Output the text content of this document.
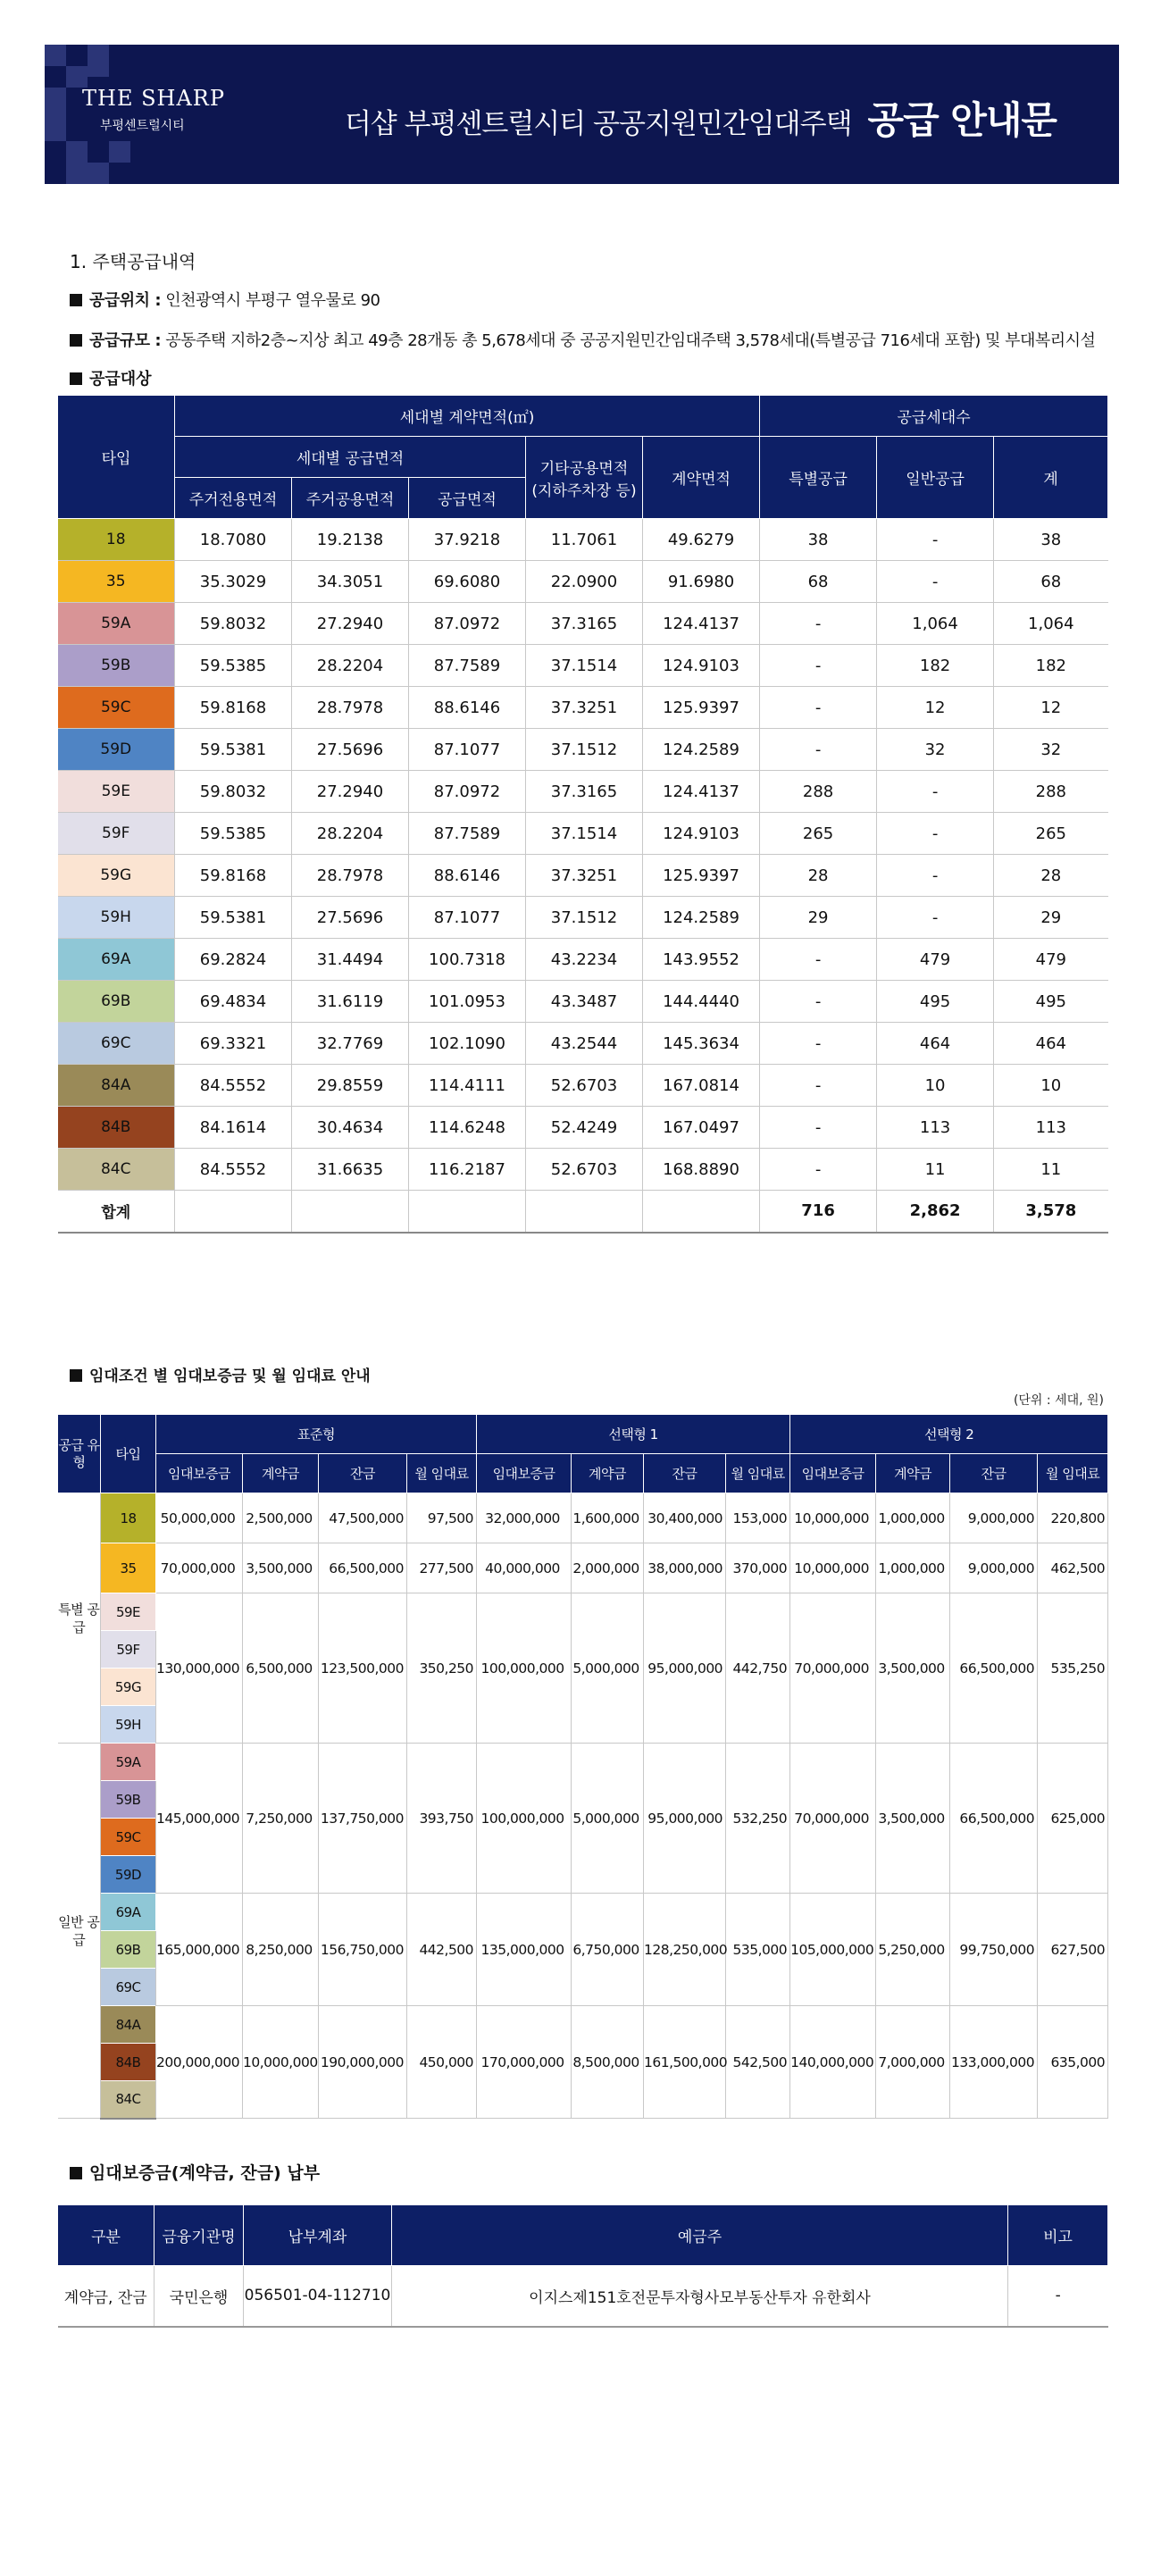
THE SHARP
부평센트럴시티	더샵 부평센트럴시티 공공지원민간임대주택 공급 안내문
1. 주택공급내역
공급위치 : 인천광역시 부평구 열우물로 90
공급규모 : 공동주택 지하2층~지상 최고 49층 28개동 총 5,678세대 중 공공지원민간임대주택 3,578세대(특별공급 716세대 포함) 및 부대복리시설
공급대상
타입	세대별 계약면적(㎡)					공급세대수		
	세대별 공급면적			기타공용면적
(지하주차장 등)	계약면적	특별공급	일반공급	계
	주거전용면적	주거공용면적	공급면적					
18	18.7080	19.2138	37.9218	11.7061	49.6279	38	-	38
35	35.3029	34.3051	69.6080	22.0900	91.6980	68	-	68
59A	59.8032	27.2940	87.0972	37.3165	124.4137	-	1,064	1,064
59B	59.5385	28.2204	87.7589	37.1514	124.9103	-	182	182
59C	59.8168	28.7978	88.6146	37.3251	125.9397	-	12	12
59D	59.5381	27.5696	87.1077	37.1512	124.2589	-	32	32
59E	59.8032	27.2940	87.0972	37.3165	124.4137	288	-	288
59F	59.5385	28.2204	87.7589	37.1514	124.9103	265	-	265
59G	59.8168	28.7978	88.6146	37.3251	125.9397	28	-	28
59H	59.5381	27.5696	87.1077	37.1512	124.2589	29	-	29
69A	69.2824	31.4494	100.7318	43.2234	143.9552	-	479	479
69B	69.4834	31.6119	101.0953	43.3487	144.4440	-	495	495
69C	69.3321	32.7769	102.1090	43.2544	145.3634	-	464	464
84A	84.5552	29.8559	114.4111	52.6703	167.0814	-	10	10
84B	84.1614	30.4634	114.6248	52.4249	167.0497	-	113	113
84C	84.5552	31.6635	116.2187	52.6703	168.8890	-	11	11
합계						716	2,862	3,578
임대조건 별 임대보증금 및 월 임대료 안내
(단위 : 세대, 원)
공급 유형	타입	표준형				선택형 1				선택형 2			
		임대보증금	계약금	잔금	월 임대료	임대보증금	계약금	잔금	월 임대료	임대보증금	계약금	잔금	월 임대료
특별 공급	18	50,000,000	2,500,000	47,500,000	97,500	32,000,000	1,600,000	30,400,000	153,000	10,000,000	1,000,000	9,000,000	220,800
	35	70,000,000	3,500,000	66,500,000	277,500	40,000,000	2,000,000	38,000,000	370,000	10,000,000	1,000,000	9,000,000	462,500
	59E	130,000,000	6,500,000	123,500,000	350,250	100,000,000	5,000,000	95,000,000	442,750	70,000,000	3,500,000	66,500,000	535,250
	59F												
	59G												
	59H												
일반 공급	59A	145,000,000	7,250,000	137,750,000	393,750	100,000,000	5,000,000	95,000,000	532,250	70,000,000	3,500,000	66,500,000	625,000
	59B												
	59C												
	59D												
	69A	165,000,000	8,250,000	156,750,000	442,500	135,000,000	6,750,000	128,250,000	535,000	105,000,000	5,250,000	99,750,000	627,500
	69B												
	69C												
	84A	200,000,000	10,000,000	190,000,000	450,000	170,000,000	8,500,000	161,500,000	542,500	140,000,000	7,000,000	133,000,000	635,000
	84B												
	84C												
임대보증금(계약금, 잔금) 납부
구분	금융기관명	납부계좌	예금주	비고
계약금, 잔금	국민은행	056501-04-112710	이지스제151호전문투자형사모부동산투자 유한회사	-
